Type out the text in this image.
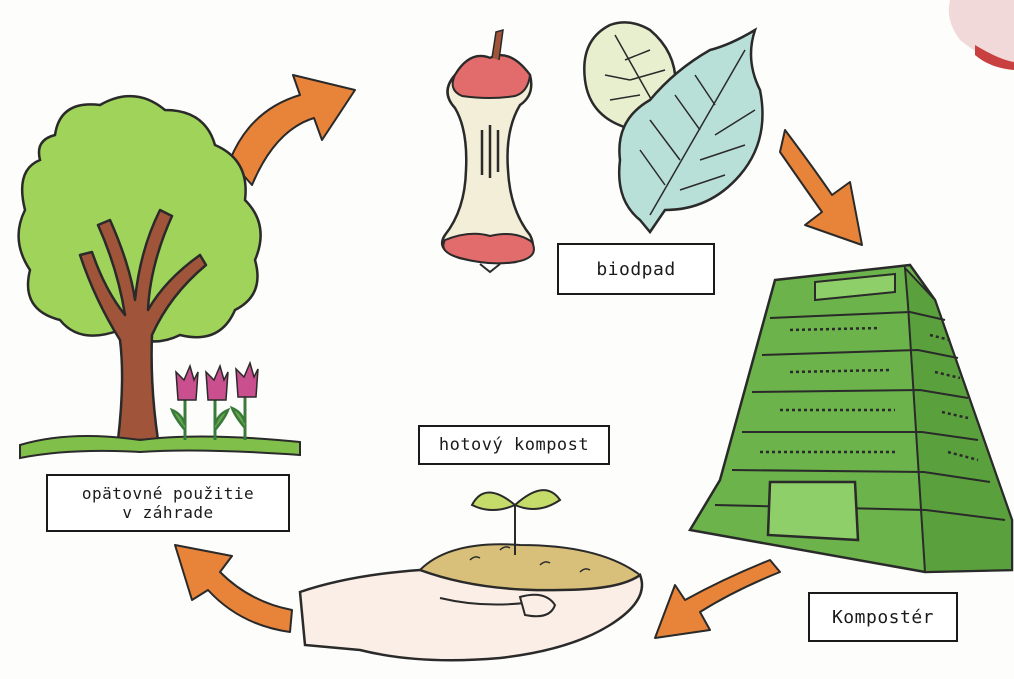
biodpad
Kompostér
hotový kompost
opätovné použitie
v záhrade
